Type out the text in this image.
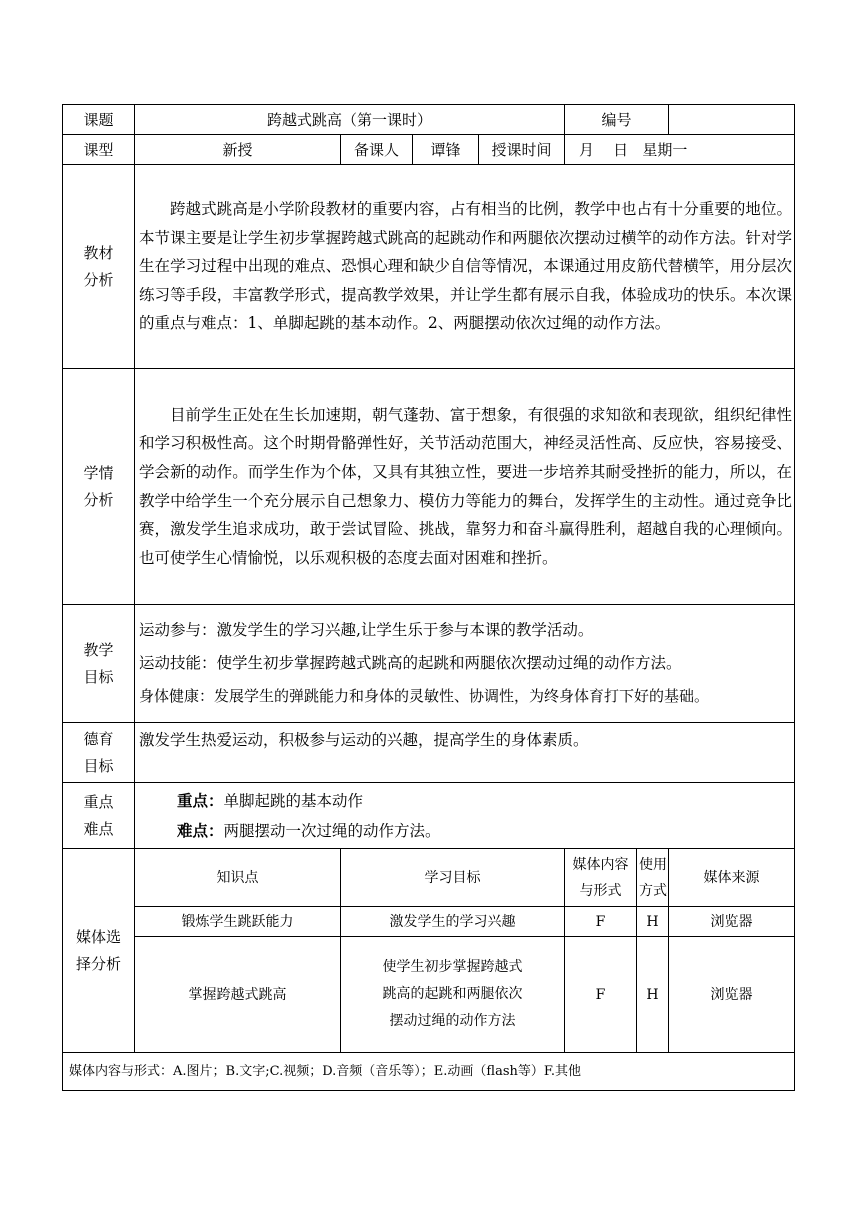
课题	跨越式跳高（第一课时）				编号		
课型	新授	备课人	谭锋	授课时间	月    日   星期一		

教材分析	跨越式跳高是小学阶段教材的重要内容，占有相当的比例，教学中也占有十分重要的地位。本节课主要是让学生初步掌握跨越式跳高的起跳动作和两腿依次摆动过横竿的动作方法。针对学生在学习过程中出现的难点、恐惧心理和缺少自信等情况，本课通过用皮筋代替横竿，用分层次练习等手段，丰富教学形式，提高教学效果，并让学生都有展示自我，体验成功的快乐。本次课的重点与难点：1、单脚起跳的基本动作。2、两腿摆动依次过绳的动作方法。						

学情分析	目前学生正处在生长加速期，朝气蓬勃、富于想象，有很强的求知欲和表现欲，组织纪律性和学习积极性高。这个时期骨骼弹性好，关节活动范围大，神经灵活性高、反应快，容易接受、学会新的动作。而学生作为个体，又具有其独立性，要进一步培养其耐受挫折的能力，所以，在教学中给学生一个充分展示自己想象力、模仿力等能力的舞台，发挥学生的主动性。通过竞争比赛，激发学生追求成功，敢于尝试冒险、挑战，靠努力和奋斗赢得胜利，超越自我的心理倾向。也可使学生心情愉悦，以乐观积极的态度去面对困难和挫折。						

教学目标	运动参与：激发学生的学习兴趣,让学生乐于参与本课的教学活动。
运动技能：使学生初步掌握跨越式跳高的起跳和两腿依次摆动过绳的动作方法。
身体健康：发展学生的弹跳能力和身体的灵敏性、协调性，为终身体育打下好的基础。						

德育目标	激发学生热爱运动，积极参与运动的兴趣，提高学生的身体素质。						

重点难点	重点：单脚起跳的基本动作
难点：两腿摆动一次过绳的动作方法。						

媒体选择分析	知识点	学习目标			媒体内容与形式	使用方式	媒体来源
	锻炼学生跳跃能力	激发学生的学习兴趣			F	H	浏览器
	掌握跨越式跳高	使学生初步掌握跨越式跳高的起跳和两腿依次摆动过绳的动作方法			F	H	浏览器
媒体内容与形式：A.图片；B.文字;C.视频；D.音频（音乐等）；E.动画（flash等）F.其他							
